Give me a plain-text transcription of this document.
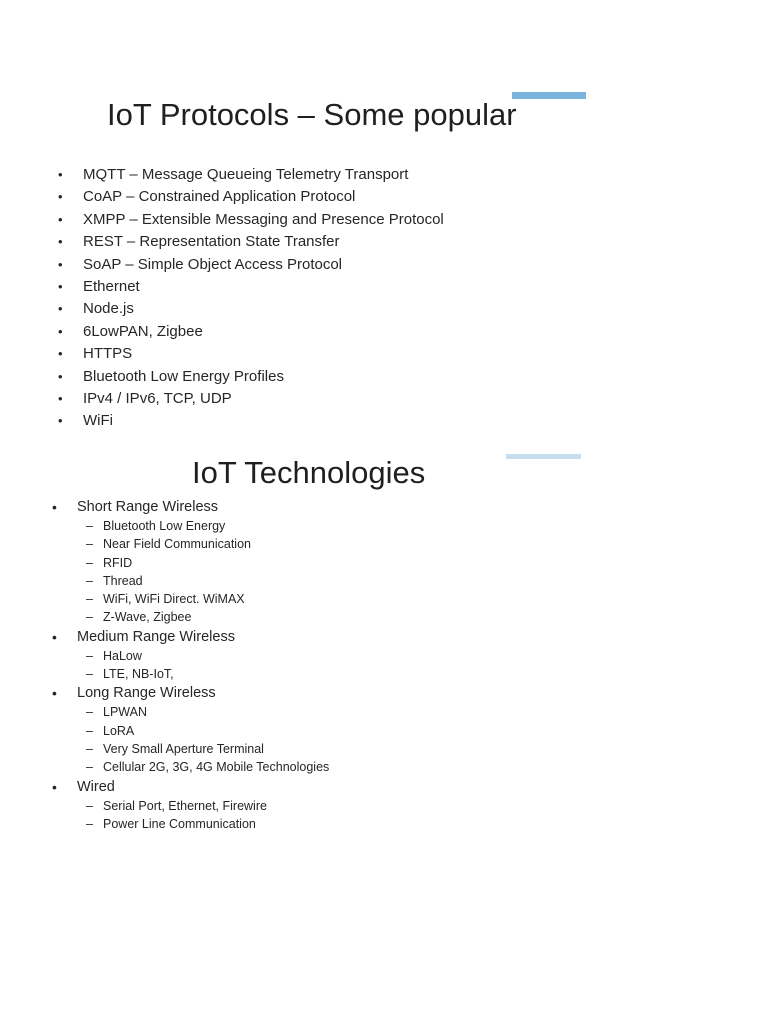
IoT Protocols – Some popular
• MQTT – Message Queueing Telemetry Transport
• CoAP – Constrained Application Protocol
• XMPP – Extensible Messaging and Presence Protocol
• REST – Representation State Transfer
• SoAP – Simple Object Access Protocol
• Ethernet
• Node.js
• 6LowPAN, Zigbee
• HTTPS
• Bluetooth Low Energy Profiles
• IPv4 / IPv6, TCP, UDP
• WiFi
IoT Technologies
• Short Range Wireless
– Bluetooth Low Energy
– Near Field Communication
– RFID
– Thread
– WiFi, WiFi Direct. WiMAX
– Z-Wave, Zigbee
• Medium Range Wireless
– HaLow
– LTE, NB-IoT,
• Long Range Wireless
– LPWAN
– LoRA
– Very Small Aperture Terminal
– Cellular 2G, 3G, 4G Mobile Technologies
• Wired
– Serial Port, Ethernet, Firewire
– Power Line Communication
